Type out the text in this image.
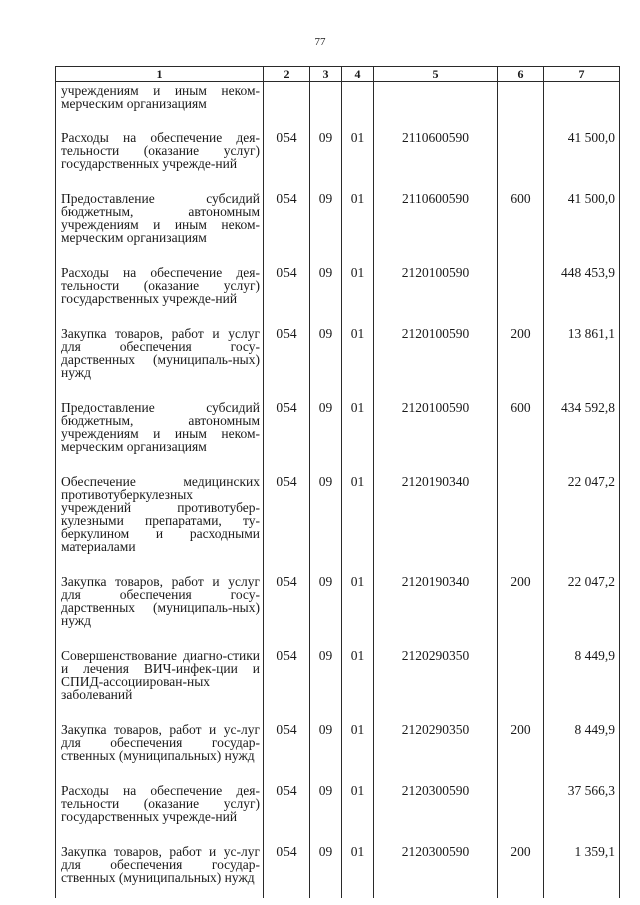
77
1	2	3	4	5	6	7
учреждениям и иным неком-мерческим организациям						
Расходы на обеспечение дея-тельности (оказание услуг) государственных учрежде-ний	054	09	01	2110600590		41 500,0
Предоставление субсидий бюджетным, автономным учреждениям и иным неком-мерческим организациям	054	09	01	2110600590	600	41 500,0
Расходы на обеспечение дея-тельности (оказание услуг) государственных учрежде-ний	054	09	01	2120100590		448 453,9
Закупка товаров, работ и услуг для обеспечения госу-дарственных (муниципаль-ных) нужд	054	09	01	2120100590	200	13 861,1
Предоставление субсидий бюджетным, автономным учреждениям и иным неком-мерческим организациям	054	09	01	2120100590	600	434 592,8
Обеспечение медицинских противотуберкулезных учреждений противотубер-кулезными препаратами, ту-беркулином и расходными материалами	054	09	01	2120190340		22 047,2
Закупка товаров, работ и услуг для обеспечения госу-дарственных (муниципаль-ных) нужд	054	09	01	2120190340	200	22 047,2
Совершенствование диагно-стики и лечения ВИЧ-инфек-ции и СПИД-ассоциирован-ных заболеваний	054	09	01	2120290350		8 449,9
Закупка товаров, работ и ус-луг для обеспечения государ-ственных (муниципальных) нужд	054	09	01	2120290350	200	8 449,9
Расходы на обеспечение дея-тельности (оказание услуг) государственных учрежде-ний	054	09	01	2120300590		37 566,3
Закупка товаров, работ и ус-луг для обеспечения государ-ственных (муниципальных) нужд	054	09	01	2120300590	200	1 359,1
